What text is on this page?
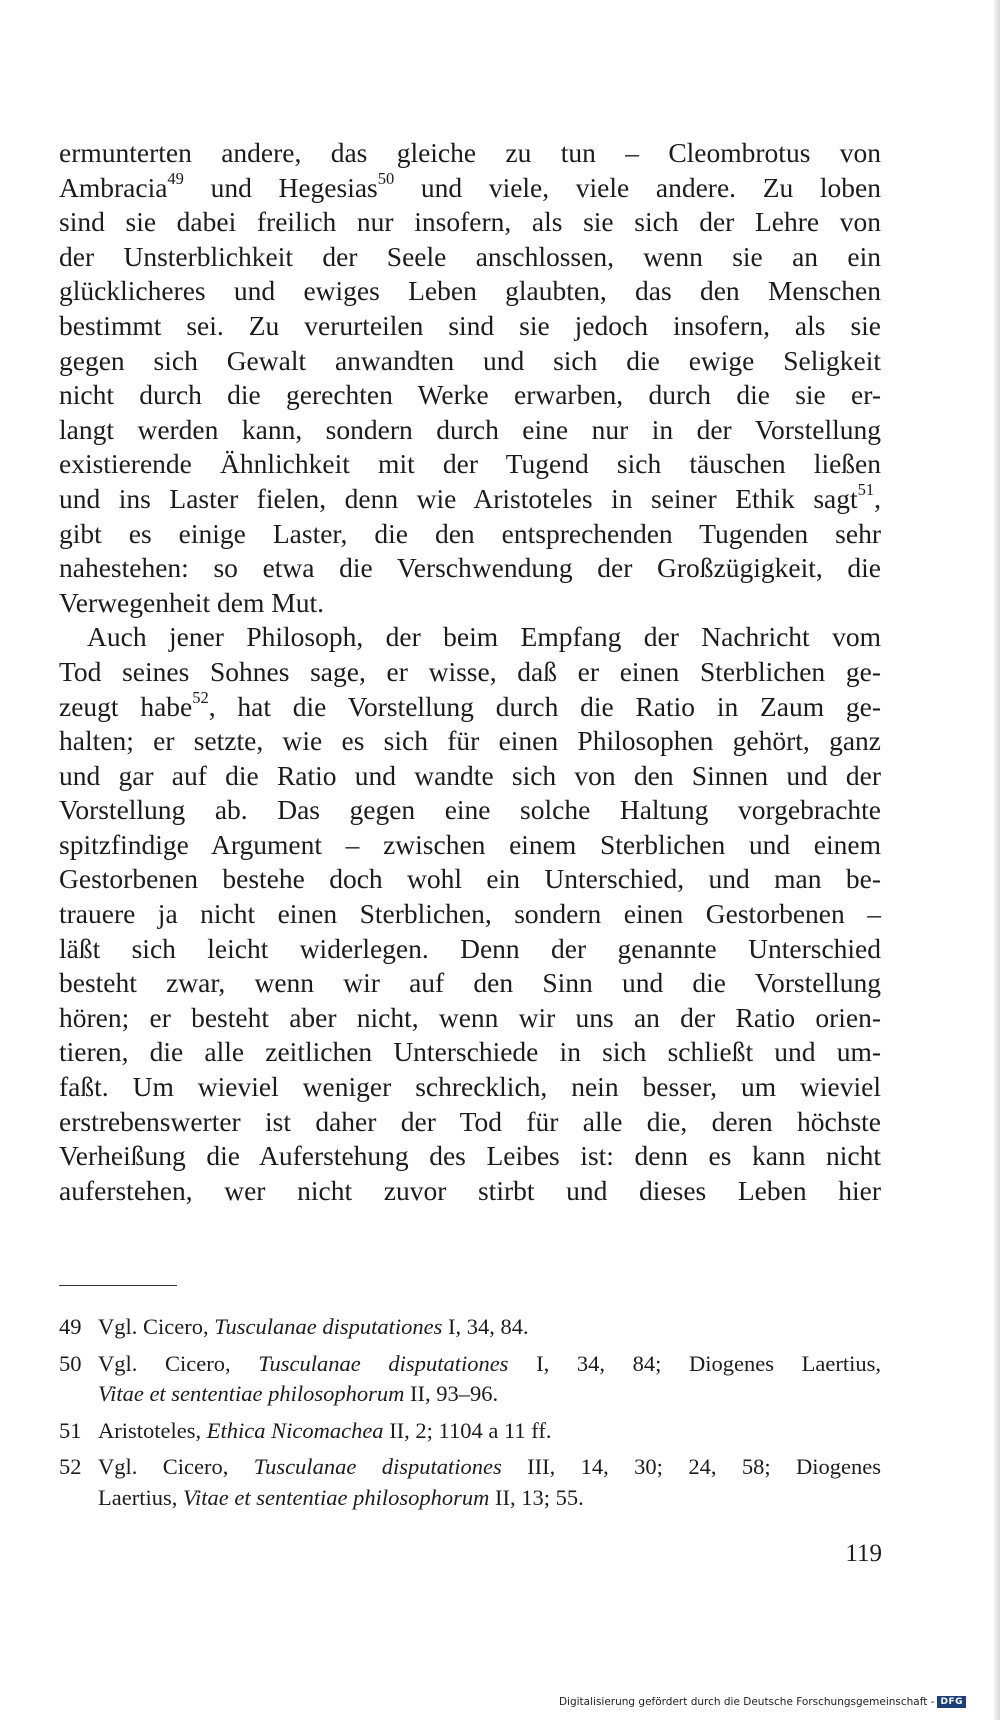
ermunterten andere, das gleiche zu tun – Cleombrotus von
Ambracia$^{49}$ und Hegesias$^{50}$ und viele, viele andere. Zu loben
sind sie dabei freilich nur insofern, als sie sich der Lehre von
der Unsterblichkeit der Seele anschlossen, wenn sie an ein
glücklicheres und ewiges Leben glaubten, das den Menschen
bestimmt sei. Zu verurteilen sind sie jedoch insofern, als sie
gegen sich Gewalt anwandten und sich die ewige Seligkeit
nicht durch die gerechten Werke erwarben, durch die sie er-
langt werden kann, sondern durch eine nur in der Vorstellung
existierende Ähnlichkeit mit der Tugend sich täuschen ließen
und ins Laster fielen, denn wie Aristoteles in seiner Ethik sagt$^{51}$,
gibt es einige Laster, die den entsprechenden Tugenden sehr
nahestehen: so etwa die Verschwendung der Großzügigkeit, die
Verwegenheit dem Mut.
Auch jener Philosoph, der beim Empfang der Nachricht vom
Tod seines Sohnes sage, er wisse, daß er einen Sterblichen ge-
zeugt habe$^{52}$, hat die Vorstellung durch die Ratio in Zaum ge-
halten; er setzte, wie es sich für einen Philosophen gehört, ganz
und gar auf die Ratio und wandte sich von den Sinnen und der
Vorstellung ab. Das gegen eine solche Haltung vorgebrachte
spitzfindige Argument – zwischen einem Sterblichen und einem
Gestorbenen bestehe doch wohl ein Unterschied, und man be-
trauere ja nicht einen Sterblichen, sondern einen Gestorbenen –
läßt sich leicht widerlegen. Denn der genannte Unterschied
besteht zwar, wenn wir auf den Sinn und die Vorstellung
hören; er besteht aber nicht, wenn wir uns an der Ratio orien-
tieren, die alle zeitlichen Unterschiede in sich schließt und um-
faßt. Um wieviel weniger schrecklich, nein besser, um wieviel
erstrebenswerter ist daher der Tod für alle die, deren höchste
Verheißung die Auferstehung des Leibes ist: denn es kann nicht
auferstehen, wer nicht zuvor stirbt und dieses Leben hier
49 Vgl. Cicero, Tusculanae disputationes I, 34, 84.
50 Vgl. Cicero, Tusculanae disputationes I, 34, 84; Diogenes Laertius,
Vitae et sententiae philosophorum II, 93–96.
51 Aristoteles, Ethica Nicomachea II, 2; 1104 a 11 ff.
52 Vgl. Cicero, Tusculanae disputationes III, 14, 30; 24, 58; Diogenes
Laertius, Vitae et sententiae philosophorum II, 13; 55.
119
Digitalisierung gefördert durch die Deutsche Forschungsgemeinschaft - DFG
